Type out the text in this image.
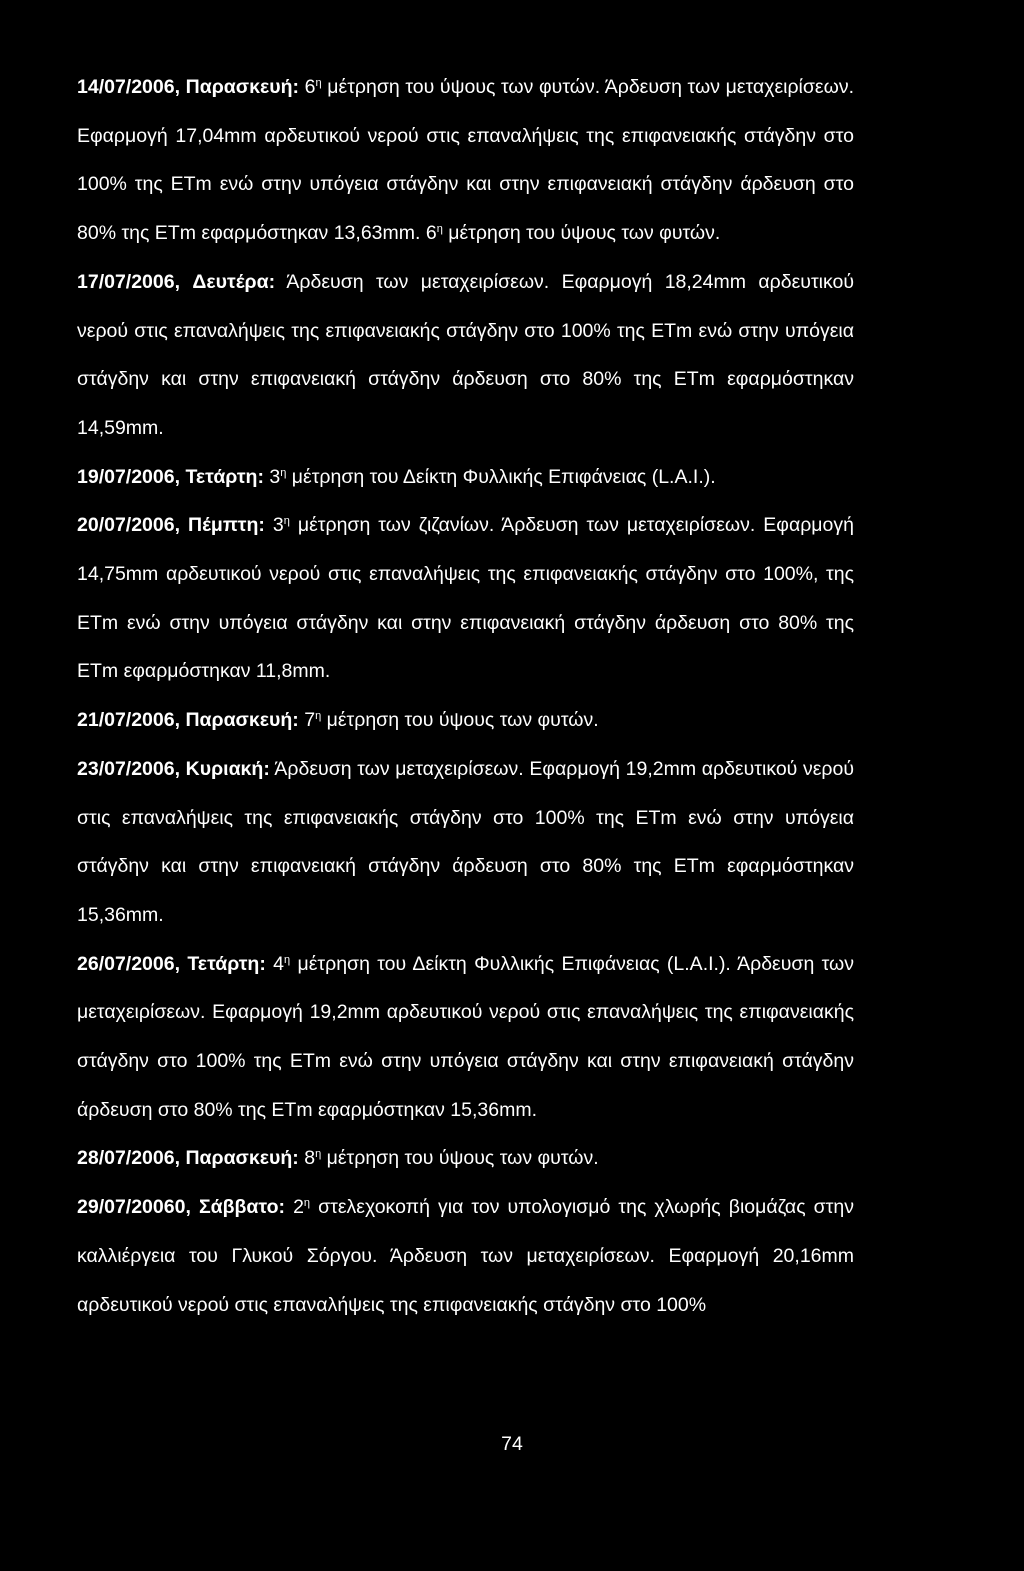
14/07/2006, Παρασκευή: $6^\eta$ μέτρηση του ύψους των φυτών. Άρδευση των μεταχειρίσεων. Εφαρμογή 17,04mm αρδευτικού νερού στις επαναλήψεις της επιφανειακής στάγδην στο 100% της ETm ενώ στην υπόγεια στάγδην και στην επιφανειακή στάγδην άρδευση στο 80% της ETm εφαρμόστηκαν 13,63mm. $6^\eta$ μέτρηση του ύψους των φυτών.

17/07/2006, Δευτέρα: Άρδευση των μεταχειρίσεων. Εφαρμογή 18,24mm αρδευτικού νερού στις επαναλήψεις της επιφανειακής στάγδην στο 100% της ETm ενώ στην υπόγεια στάγδην και στην επιφανειακή στάγδην άρδευση στο 80% της ETm εφαρμόστηκαν 14,59mm.

19/07/2006, Τετάρτη: $3^\eta$ μέτρηση του Δείκτη Φυλλικής Επιφάνειας (L.A.I.).

20/07/2006, Πέμπτη: $3^\eta$ μέτρηση των ζιζανίων. Άρδευση των μεταχειρίσεων. Εφαρμογή 14,75mm αρδευτικού νερού στις επαναλήψεις της επιφανειακής στάγδην στο 100%, της ETm ενώ στην υπόγεια στάγδην και στην επιφανειακή στάγδην άρδευση στο 80% της ETm εφαρμόστηκαν 11,8mm.

21/07/2006, Παρασκευή: $7^\eta$ μέτρηση του ύψους των φυτών.

23/07/2006, Κυριακή: Άρδευση των μεταχειρίσεων. Εφαρμογή 19,2mm αρδευτικού νερού στις επαναλήψεις της επιφανειακής στάγδην στο 100% της ETm ενώ στην υπόγεια στάγδην και στην επιφανειακή στάγδην άρδευση στο 80% της ETm εφαρμόστηκαν 15,36mm.

26/07/2006, Τετάρτη: $4^\eta$ μέτρηση του Δείκτη Φυλλικής Επιφάνειας (L.A.I.). Άρδευση των μεταχειρίσεων. Εφαρμογή 19,2mm αρδευτικού νερού στις επαναλήψεις της επιφανειακής στάγδην στο 100% της ETm ενώ στην υπόγεια στάγδην και στην επιφανειακή στάγδην άρδευση στο 80% της ETm εφαρμόστηκαν 15,36mm.

28/07/2006, Παρασκευή: $8^\eta$ μέτρηση του ύψους των φυτών.

29/07/20060, Σάββατο: $2^\eta$ στελεχοκοπή για τον υπολογισμό της χλωρής βιομάζας στην καλλιέργεια του Γλυκού Σόργου. Άρδευση των μεταχειρίσεων. Εφαρμογή 20,16mm αρδευτικού νερού στις επαναλήψεις της επιφανειακής στάγδην στο 100%

74
